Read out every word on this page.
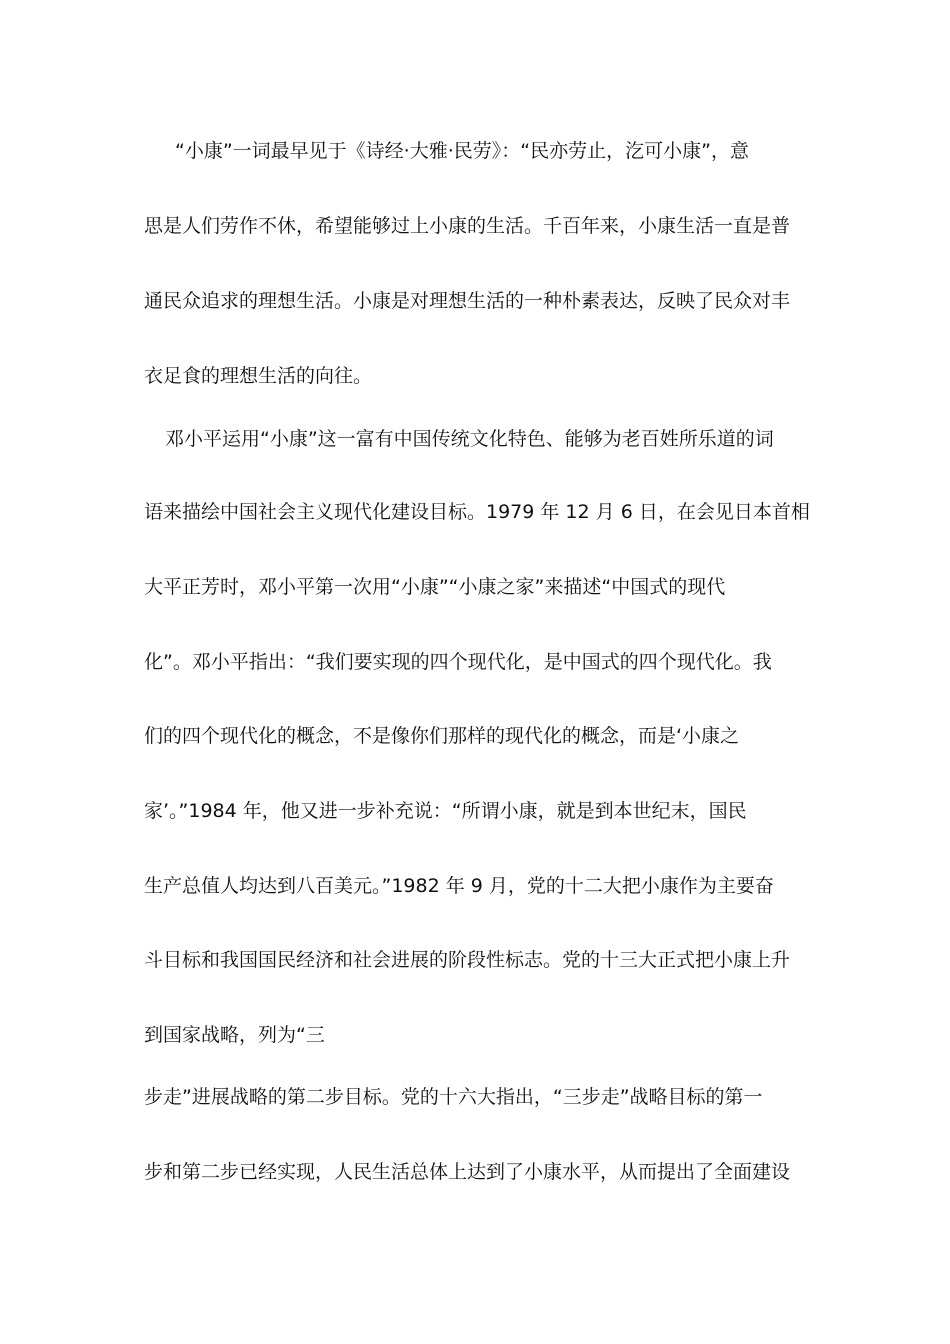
“小康”一词最早见于《诗经·大雅·民劳》：“民亦劳止，汔可小康”，意
思是人们劳作不休，希望能够过上小康的生活。千百年来，小康生活一直是普
通民众追求的理想生活。小康是对理想生活的一种朴素表达，反映了民众对丰
衣足食的理想生活的向往。
邓小平运用“小康”这一富有中国传统文化特色、能够为老百姓所乐道的词
语来描绘中国社会主义现代化建设目标。1979 年 12 月 6 日，在会见日本首相
大平正芳时，邓小平第一次用“小康”“小康之家”来描述“中国式的现代
化”。邓小平指出：“我们要实现的四个现代化，是中国式的四个现代化。我
们的四个现代化的概念，不是像你们那样的现代化的概念，而是‘小康之
家’。”1984 年，他又进一步补充说：“所谓小康，就是到本世纪末，国民
生产总值人均达到八百美元。”1982 年 9 月，党的十二大把小康作为主要奋
斗目标和我国国民经济和社会进展的阶段性标志。党的十三大正式把小康上升
到国家战略，列为“三
步走”进展战略的第二步目标。党的十六大指出，“三步走”战略目标的第一
步和第二步已经实现，人民生活总体上达到了小康水平，从而提出了全面建设
